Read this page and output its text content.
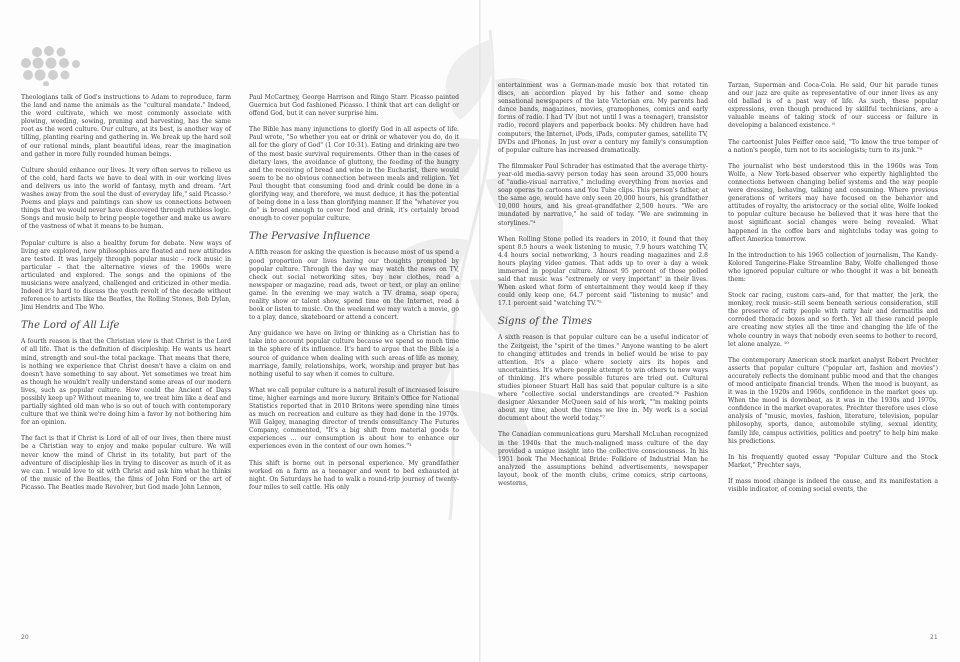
Theologians talk of God's instructions to Adam to reproduce, farm the land and name the animals as the "cultural mandate." Indeed, the word cultivate, which we most commonly associate with plowing, weeding, sowing, pruning and harvesting, has the same root as the word culture. Our culture, at its best, is another way of tilling, planting rearing and gathering in. We break up the hard soil of our rational minds, plant beautiful ideas, rear the imagination and gather in more fully rounded human beings.

Culture should enhance our lives. It very often serves to relieve us of the cold, hard facts we have to deal with in our working lives and delivers us into the world of fantasy, myth and dream. "Art washes away from the soul the dust of everyday life," said Picasso.² Poems and plays and paintings can show us connections between things that we would never have discovered through ruthless logic. Songs and music help to bring people together and make us aware of the vastness of what it means to be human.

Popular culture is also a healthy forum for debate. New ways of living are explored, new philosophies are floated and new attitudes are tested. It was largely through popular music – rock music in particular – that the alternative views of the 1960s were articulated and explored. The songs and the opinions of the musicians were analyzed, challenged and criticized in other media. Indeed it's hard to discuss the youth revolt of the decade without reference to artists like the Beatles, the Rolling Stones, Bob Dylan, Jimi Hendrix and The Who.

The Lord of All Life

A fourth reason is that the Christian view is that Christ is the Lord of all life. That is the definition of discipleship. He wants us heart mind, strength and soul–the total package. That means that there, is nothing we experience that Christ doesn't have a claim on and doesn't have something to say about. Yet sometimes we treat him as though he wouldn't really understand some areas of our modern lives, such as popular culture. How could the Ancient of Days possibly keep up? Without meaning to, we treat him like a deaf and partially sighted old man who is so out of touch with contemporary culture that we think we're doing him a favor by not bothering him for an opinion.

The fact is that if Christ is Lord of all of our lives, then there must be a Christian way to enjoy and make popular culture. We will never know the mind of Christ in its totality, but part of the adventure of discipleship lies in trying to discover as much of it as we can. I would love to sit with Christ and ask him what he thinks of the music of the Beatles, the films of John Ford or the art of Picasso. The Beatles made Revolver, but God made John Lennon,

Paul McCartney, George Harrison and Ringo Starr. Picasso painted Guernica but God fashioned Picasso. I think that art can delight or offend God, but it can never surprise him.

The Bible has many injunctions to glorify God in all aspects of life. Paul wrote, "So whether you eat or drink or whatever you do, do it all for the glory of God" (1 Cor 10:31). Eating and drinking are two of the most basic survival requirements. Other than in the cases of dietary laws, the avoidance of gluttony, the feeding of the hungry and the receiving of bread and wine in the Eucharist, there would seem to be no obvious connection between meals and religion. Yet Paul thought that consuming food and drink could be done in a glorifying way, and therefore, we must deduce, it has the potential of being done in a less than glorifying manner. If the "whatever you do" is broad enough to cover food and drink, it's certainly broad enough to cover popular culture.

The Pervasive Influence

A fifth reason for asking the question is because most of us spend a good proportion our lives having our thoughts prompted by popular culture. Through the day we may watch the news on TV, check out social networking sites, buy new clothes, read a newspaper or magazine, read ads, tweet or text, or play an online game. In the evening we may watch a TV drama, soap opera, reality show or talent show, spend time on the Internet, read a book or listen to music. On the weekend we may watch a movie, go to a play, dance, skateboard or attend a concert.

Any guidance we have on living or thinking as a Christian has to take into account popular culture because we spend so much time in the sphere of its influence. It's hard to argue that the Bible is a source of guidance when dealing with such areas of life as money, marriage, family, relationships, work, worship and prayer but has nothing useful to say when it comes to culture.

What we call popular culture is a natural result of increased leisure time, higher earnings and more luxury. Britain's Office for National Statistics reported that in 2010 Britons were spending nine times as much on recreation and culture as they had done in the 1970s. Will Galgey, managing director of trends consultancy The Futures Company, commented, "It's a big shift from material goods to experiences ... our consumption is about how to enhance our experiences even in the context of our own homes."³

This shift is borne out in personal experience. My grandfather worked on a farm as a teenager and went to bed exhausted at night. On Saturdays he had to walk a round-trip journey of twenty-four miles to sell cattle. His only

entertainment was a German-made music box that rotated tin discs, an accordion played by his father and some cheap sensational newspapers of the late Victorian era. My parents had dance bands, magazines, movies, gramophones, comics and early forms of radio. I had TV (but not until I was a teenager), transistor radio, record players and paperback books. My children have had computers, the Internet, iPods, iPads, computer games, satellite TV, DVDs and iPhones. In just over a century my family's consumption of popular culture has increased dramatically.

The filmmaker Paul Schrader has estimated that the average thirty-year-old media-savvy person today has seen around 35,000 hours of "audio-visual narrative," including everything from movies and soap operas to cartoons and You Tube clips. This person's father, at the same age, would have only seen 20,000 hours, his grandfather 10,000 hours, and his great-grandfather 2,500 hours. "We are inundated by narrative," he said of today. "We are swimming in storylines."⁴

When Rolling Stone polled its readers in 2010, it found that they spent 8.5 hours a week listening to music, 7.9 hours watching TV, 4.4 hours social networking, 3 hours reading magazines and 2.8 hours playing video games. That adds up to over a day a week immersed in popular culture. Almost 95 percent of those polled said that music was "extremely or very important" in their lives. When asked what form of entertainment they would keep if they could only keep one, 64.7 percent said "listening to music" and 17.1 percent said "watching TV."⁵

Signs of the Times

A sixth reason is that popular culture can be a useful indicator of the Zeitgeist, the "spirit of the times." Anyone wanting to be alert to changing attitudes and trends in belief would be wise to pay attention. It's a place where society airs its hopes and uncertainties. It's where people attempt to win others to new ways of thinking. It's where possible futures are tried out. Cultural studies pioneer Stuart Hall has said that popular culture is a site where "collective social understandings are created."⁶ Fashion designer Alexander McQueen said of his work, ""m making points about my time, about the times we live in. My work is a social document about the world today."⁷

The Canadian communications guru Marshall McLuhan recognized in the 1940s that the much-maligned mass culture of the day provided a unique insight into the collective consciousness. In his 1951 book The Mechanical Bride: Folklore of Industrial Man he analyzed the assumptions behind advertisements, newspaper layout, book of the month clubs, crime comics, strip cartoons, westerns,

Tarzan, Superman and Coca-Cola. He said, Our hit parade tunes and our jazz are quite as representative of our inner lives as any old ballad is of a past way of life. As such, these popular expressions, even though produced by skillful technicians, are a valuable means of taking stock of our success or failure in developing a balanced existence. ⁸

The cartoonist Jules Feiffer once said, "To know the true temper of a nation's people, turn not to its sociologists; turn to its junk."⁹

The journalist who best understood this in the 1960s was Tom Wolfe, a New York-based observer who expertly highlighted the connections between changing belief systems and the way people were dressing, behaving, talking and consuming. Where previous generations of writers may have focused on the behavior and attitudes of royalty, the aristocracy or the social elite, Wolfe looked to popular culture because he believed that it was here that the most significant social changes were being revealed. What happened in the coffee bars and nightclubs today was going to affect America tomorrow.

In the introduction to his 1965 collection of journalism, The Kandy-Kolored Tangerine-Flake Streamline Baby, Wolfe challenged those who ignored popular culture or who thought it was a bit beneath them:

Stock car racing, custom cars–and, for that matter, the jerk, the monkey, rock music–still seem beneath serious consideration, still the preserve of ratty people with ratty hair and dermatitis and corroded thoracic boxes and so forth. Yet all these rancid people are creating new styles all the time and changing the life of the whole country in ways that nobody even seems to bother to record, let alone analyze. ¹⁰

The contemporary American stock market analyst Robert Prechter asserts that popular culture ("popular art, fashion and movies") accurately reflects the dominant public mood and that the changes of mood anticipate financial trends. When the mood is buoyant, as it was in the 1920s and 1960s, confidence in the market goes up. When the mood is downbeat, as it was in the 1930s and 1970s, confidence in the market evaporates. Prechter therefore uses close analysis of "music, movies, fashion, literature, television, popular philosophy, sports, dance, automobile styling, sexual identity, family life, campus activities, politics and poetry" to help him make his predictions.

In his frequently quoted essay "Popular Culture and the Stock Market," Prechter says,

If mass mood change is indeed the cause, and its manifestation a visible indicator, of coming social events, the

20	21
